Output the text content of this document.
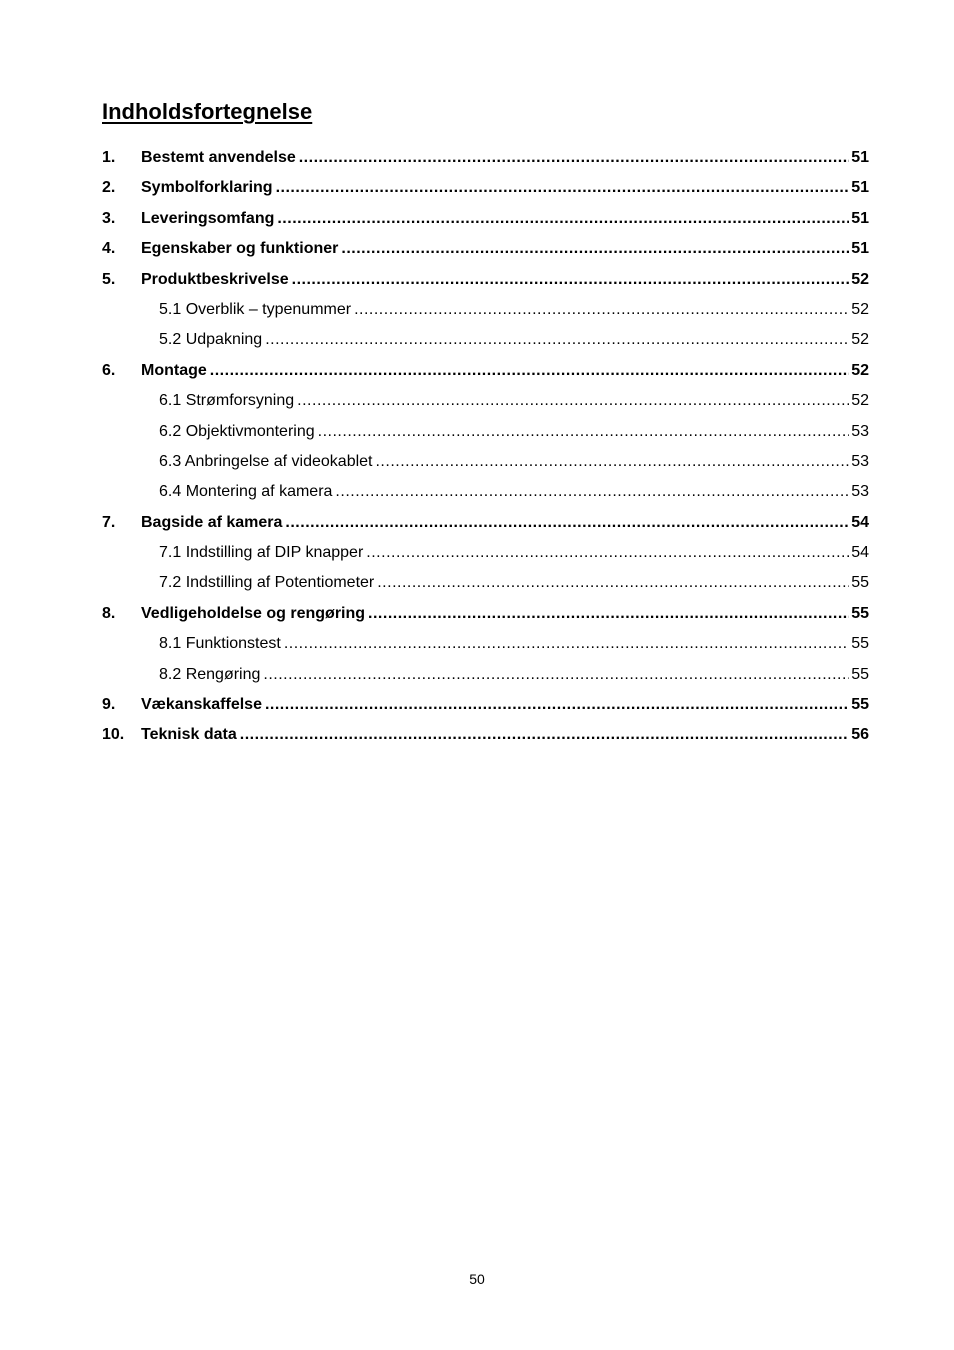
Indholdsfortegnelse
1.	Bestemt anvendelse .....	51
2.	Symbolforklaring .....	51
3.	Leveringsomfang .....	51
4.	Egenskaber og funktioner .....	51
5.	Produktbeskrivelse .....	52
5.1 Overblik – typenummer .....	52
5.2 Udpakning .....	52
6.	Montage .....	52
6.1 Strømforsyning .....	52
6.2 Objektivmontering .....	53
6.3 Anbringelse af videokablet .....	53
6.4 Montering af kamera .....	53
7.	Bagside af kamera .....	54
7.1 Indstilling af DIP knapper .....	54
7.2 Indstilling af Potentiometer .....	55
8.	Vedligeholdelse og rengøring .....	55
8.1 Funktionstest .....	55
8.2 Rengøring .....	55
9.	Vækanskaffelse .....	55
10.	Teknisk data .....	56

50
